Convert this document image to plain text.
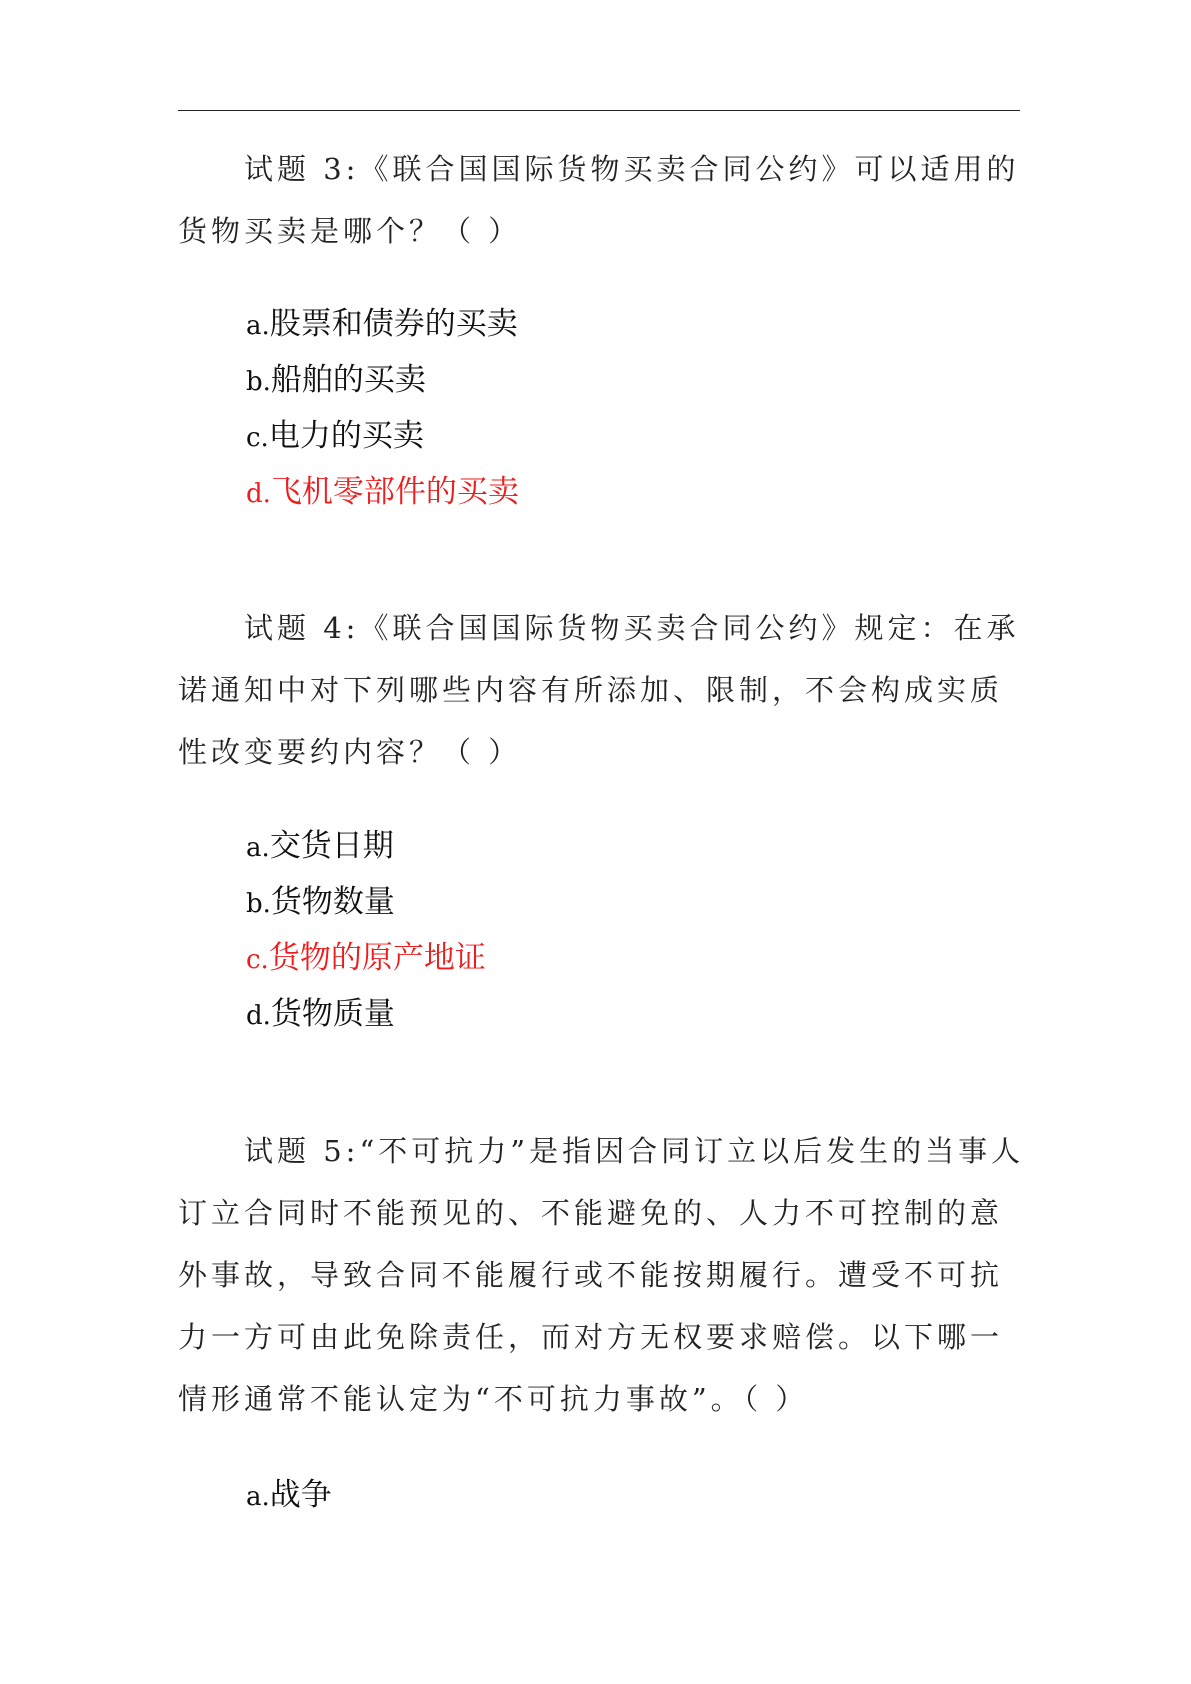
试题 3:《联合国国际货物买卖合同公约》可以适用的货物买卖是哪个？（ ）
a.股票和债券的买卖
b.船舶的买卖
c.电力的买卖
d.飞机零部件的买卖
试题 4:《联合国国际货物买卖合同公约》规定：在承诺通知中对下列哪些内容有所添加、限制，不会构成实质性改变要约内容？（ ）
a.交货日期
b.货物数量
c.货物的原产地证
d.货物质量
试题 5:“不可抗力”是指因合同订立以后发生的当事人订立合同时不能预见的、不能避免的、人力不可控制的意外事故，导致合同不能履行或不能按期履行。遭受不可抗力一方可由此免除责任，而对方无权要求赔偿。以下哪一情形通常不能认定为“不可抗力事故”。（ ）
a.战争
